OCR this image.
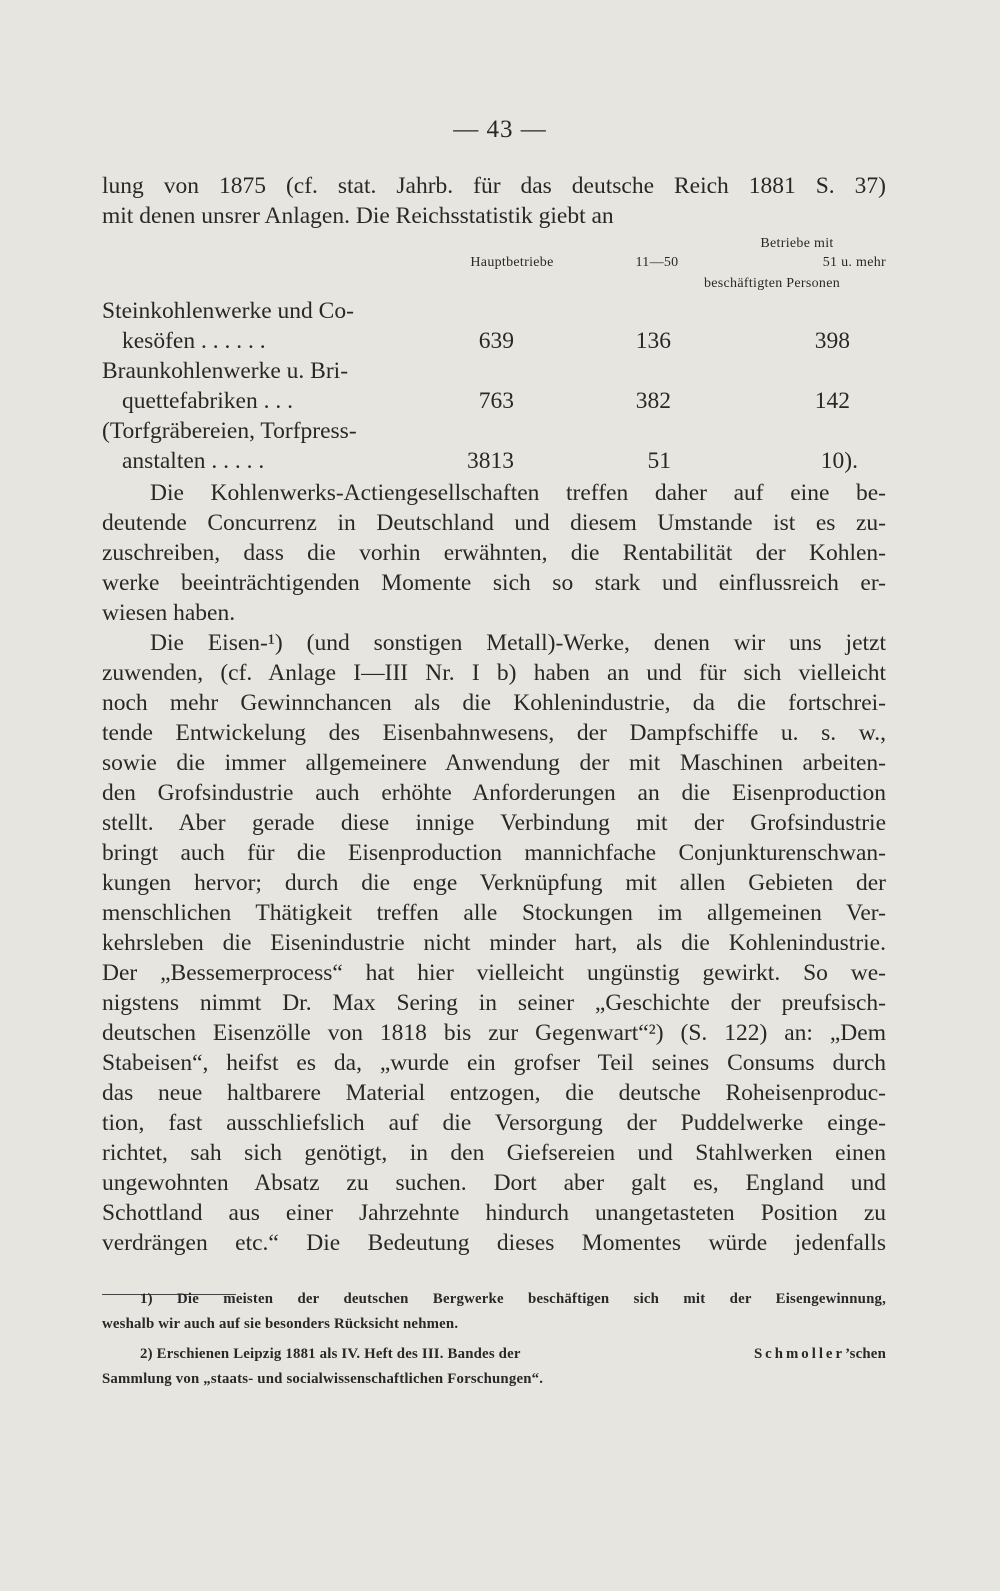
— 43 —
lung von 1875 (cf. stat. Jahrb. für das deutsche Reich 1881 S. 37)
mit denen unsrer Anlagen. Die Reichsstatistik giebt an
Betriebe mit
Hauptbetriebe	11—50	51 u. mehr
beschäftigten Personen
Steinkohlenwerke und Co-
kesöfen . . . . . .	639	136	398
Braunkohlenwerke u. Bri-
quettefabriken . . .	763	382	142
(Torfgräbereien, Torfpress-
anstalten . . . . .	3813	51	10).
Die Kohlenwerks-Actiengesellschaften treffen daher auf eine be-
deutende Concurrenz in Deutschland und diesem Umstande ist es zu-
zuschreiben, dass die vorhin erwähnten, die Rentabilität der Kohlen-
werke beeinträchtigenden Momente sich so stark und einflussreich er-
wiesen haben.
Die Eisen-¹) (und sonstigen Metall)-Werke, denen wir uns jetzt
zuwenden, (cf. Anlage I—III Nr. I b) haben an und für sich vielleicht
noch mehr Gewinnchancen als die Kohlenindustrie, da die fortschrei-
tende Entwickelung des Eisenbahnwesens, der Dampfschiffe u. s. w.,
sowie die immer allgemeinere Anwendung der mit Maschinen arbeiten-
den Grofsindustrie auch erhöhte Anforderungen an die Eisenproduction
stellt. Aber gerade diese innige Verbindung mit der Grofsindustrie
bringt auch für die Eisenproduction mannichfache Conjunkturenschwan-
kungen hervor; durch die enge Verknüpfung mit allen Gebieten der
menschlichen Thätigkeit treffen alle Stockungen im allgemeinen Ver-
kehrsleben die Eisenindustrie nicht minder hart, als die Kohlenindustrie.
Der „Bessemerprocess“ hat hier vielleicht ungünstig gewirkt. So we-
nigstens nimmt Dr. Max Sering in seiner „Geschichte der preufsisch-
deutschen Eisenzölle von 1818 bis zur Gegenwart“²) (S. 122) an: „Dem
Stabeisen“, heifst es da, „wurde ein grofser Teil seines Consums durch
das neue haltbarere Material entzogen, die deutsche Roheisenproduc-
tion, fast ausschliefslich auf die Versorgung der Puddelwerke einge-
richtet, sah sich genötigt, in den Giefsereien und Stahlwerken einen
ungewohnten Absatz zu suchen. Dort aber galt es, England und
Schottland aus einer Jahrzehnte hindurch unangetasteten Position zu
verdrängen etc.“ Die Bedeutung dieses Momentes würde jedenfalls
1) Die meisten der deutschen Bergwerke beschäftigen sich mit der Eisengewinnung,
weshalb wir auch auf sie besonders Rücksicht nehmen.
2) Erschienen Leipzig 1881 als IV. Heft des III. Bandes der	Schmoller’schen
Sammlung von „staats- und socialwissenschaftlichen Forschungen“.
